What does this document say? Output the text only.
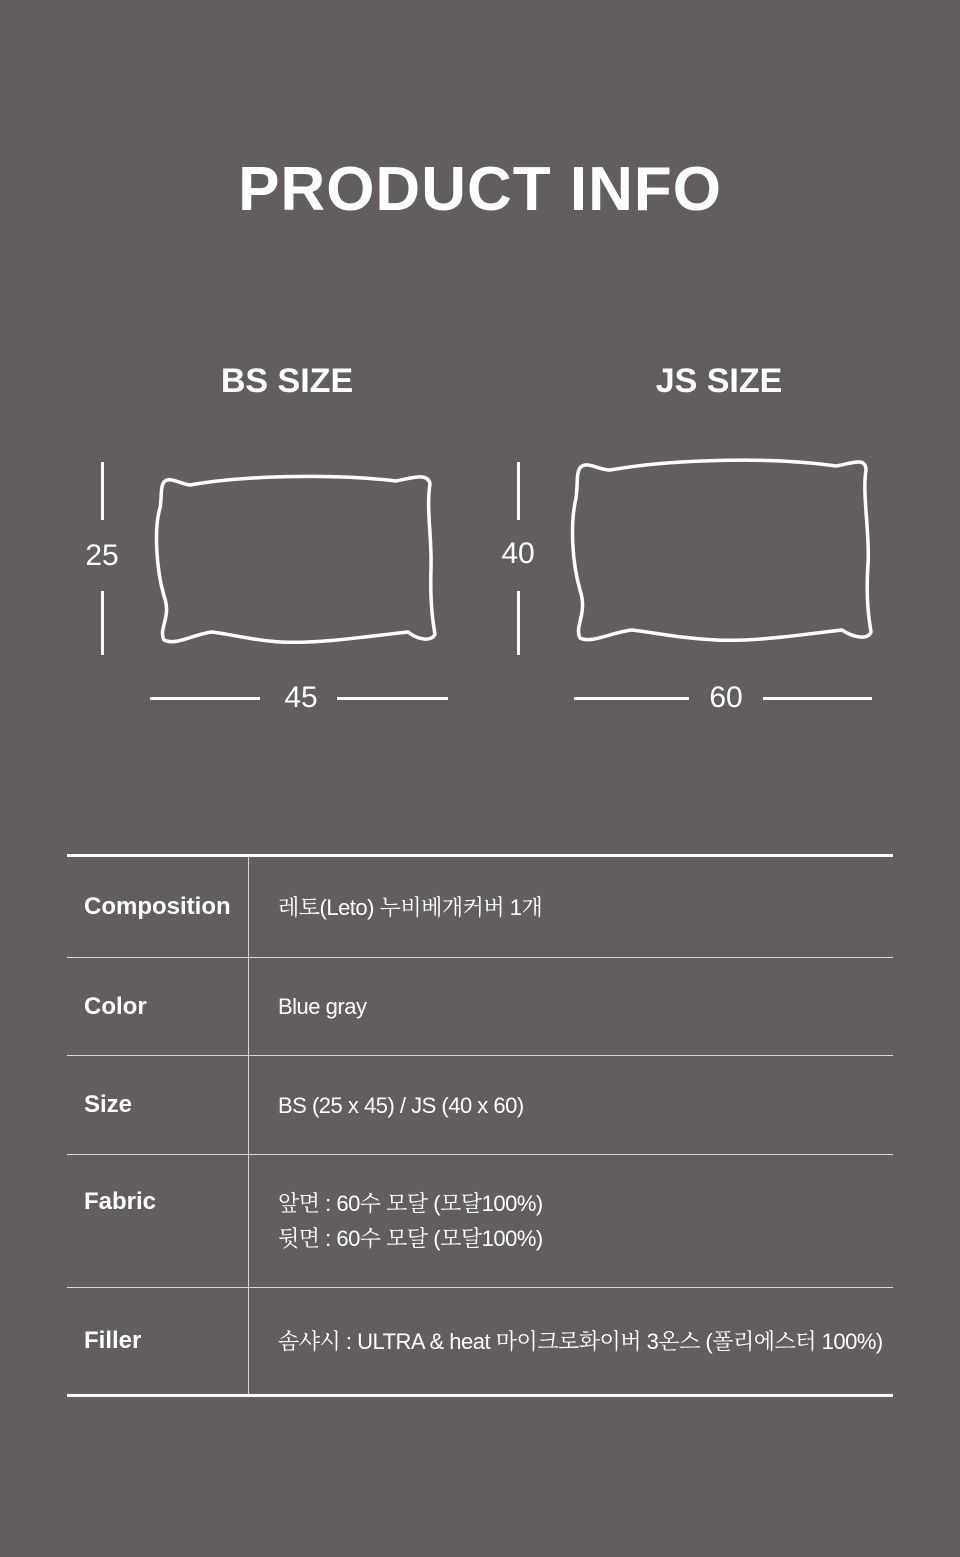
PRODUCT INFO
BS SIZE
25
45
JS SIZE
40
60
Composition	레토(Leto) 누비베개커버 1개
Color	Blue gray
Size	BS (25 x 45) / JS (40 x 60)
Fabric	앞면 : 60수 모달 (모달100%)
뒷면 : 60수 모달 (모달100%)
Filler	솜샤시 : ULTRA & heat 마이크로화이버 3온스 (폴리에스터 100%)
